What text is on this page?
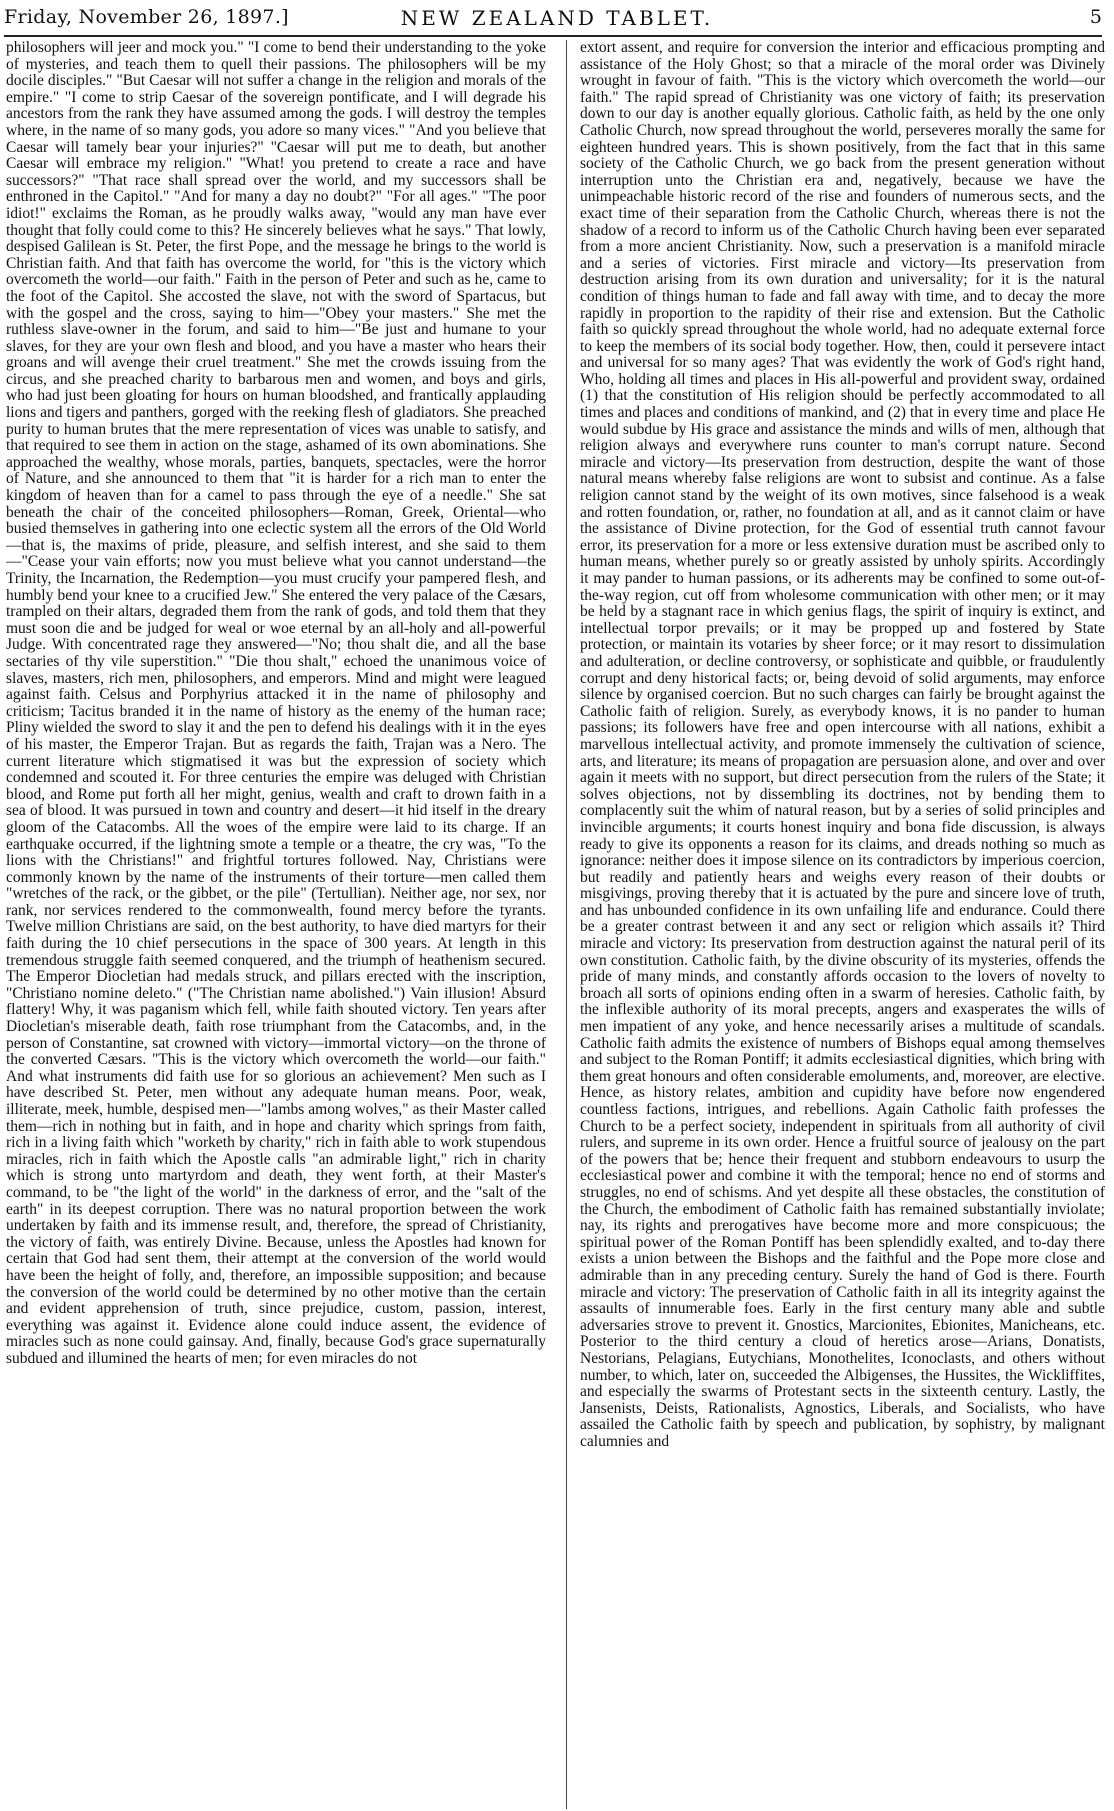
Friday, November 26, 1897.]	NEW ZEALAND TABLET.	5

philosophers will jeer and mock you." "I come to bend their understanding to the yoke of mysteries, and teach them to quell their passions. The philosophers will be my docile disciples." "But Caesar will not suffer a change in the religion and morals of the empire." "I come to strip Caesar of the sovereign pontificate, and I will degrade his ancestors from the rank they have assumed among the gods. I will destroy the temples where, in the name of so many gods, you adore so many vices." "And you believe that Caesar will tamely bear your injuries?" "Caesar will put me to death, but another Caesar will embrace my religion." "What! you pretend to create a race and have successors?" "That race shall spread over the world, and my successors shall be enthroned in the Capitol." "And for many a day no doubt?" "For all ages." "The poor idiot!" exclaims the Roman, as he proudly walks away, "would any man have ever thought that folly could come to this? He sincerely believes what he says." That lowly, despised Galilean is St. Peter, the first Pope, and the message he brings to the world is Christian faith. And that faith has overcome the world, for "this is the victory which overcometh the world—our faith." Faith in the person of Peter and such as he, came to the foot of the Capitol. She accosted the slave, not with the sword of Spartacus, but with the gospel and the cross, saying to him—"Obey your masters." She met the ruthless slave-owner in the forum, and said to him—"Be just and humane to your slaves, for they are your own flesh and blood, and you have a master who hears their groans and will avenge their cruel treatment." She met the crowds issuing from the circus, and she preached charity to barbarous men and women, and boys and girls, who had just been gloating for hours on human bloodshed, and frantically applauding lions and tigers and panthers, gorged with the reeking flesh of gladiators. She preached purity to human brutes that the mere representation of vices was unable to satisfy, and that required to see them in action on the stage, ashamed of its own abominations. She approached the wealthy, whose morals, parties, banquets, spectacles, were the horror of Nature, and she announced to them that "it is harder for a rich man to enter the kingdom of heaven than for a camel to pass through the eye of a needle." She sat beneath the chair of the conceited philosophers—Roman, Greek, Oriental—who busied themselves in gathering into one eclectic system all the errors of the Old World—that is, the maxims of pride, pleasure, and selfish interest, and she said to them—"Cease your vain efforts; now you must believe what you cannot understand—the Trinity, the Incarnation, the Redemption—you must crucify your pampered flesh, and humbly bend your knee to a crucified Jew." She entered the very palace of the Cæsars, trampled on their altars, degraded them from the rank of gods, and told them that they must soon die and be judged for weal or woe eternal by an all-holy and all-powerful Judge. With concentrated rage they answered—"No; thou shalt die, and all the base sectaries of thy vile superstition." "Die thou shalt," echoed the unanimous voice of slaves, masters, rich men, philosophers, and emperors. Mind and might were leagued against faith. Celsus and Porphyrius attacked it in the name of philosophy and criticism; Tacitus branded it in the name of history as the enemy of the human race; Pliny wielded the sword to slay it and the pen to defend his dealings with it in the eyes of his master, the Emperor Trajan. But as regards the faith, Trajan was a Nero. The current literature which stigmatised it was but the expression of society which condemned and scouted it. For three centuries the empire was deluged with Christian blood, and Rome put forth all her might, genius, wealth and craft to drown faith in a sea of blood. It was pursued in town and country and desert—it hid itself in the dreary gloom of the Catacombs. All the woes of the empire were laid to its charge. If an earthquake occurred, if the lightning smote a temple or a theatre, the cry was, "To the lions with the Christians!" and frightful tortures followed. Nay, Christians were commonly known by the name of the instruments of their torture—men called them "wretches of the rack, or the gibbet, or the pile" (Tertullian). Neither age, nor sex, nor rank, nor services rendered to the commonwealth, found mercy before the tyrants. Twelve million Christians are said, on the best authority, to have died martyrs for their faith during the 10 chief persecutions in the space of 300 years. At length in this tremendous struggle faith seemed conquered, and the triumph of heathenism secured. The Emperor Diocletian had medals struck, and pillars erected with the inscription, "Christiano nomine deleto." ("The Christian name abolished.") Vain illusion! Absurd flattery! Why, it was paganism which fell, while faith shouted victory. Ten years after Diocletian's miserable death, faith rose triumphant from the Catacombs, and, in the person of Constantine, sat crowned with victory—immortal victory—on the throne of the converted Cæsars. "This is the victory which overcometh the world—our faith." And what instruments did faith use for so glorious an achievement? Men such as I have described St. Peter, men without any adequate human means. Poor, weak, illiterate, meek, humble, despised men—"lambs among wolves," as their Master called them—rich in nothing but in faith, and in hope and charity which springs from faith, rich in a living faith which "worketh by charity," rich in faith able to work stupendous miracles, rich in faith which the Apostle calls "an admirable light," rich in charity which is strong unto martyrdom and death, they went forth, at their Master's command, to be "the light of the world" in the darkness of error, and the "salt of the earth" in its deepest corruption. There was no natural proportion between the work undertaken by faith and its immense result, and, therefore, the spread of Christianity, the victory of faith, was entirely Divine. Because, unless the Apostles had known for certain that God had sent them, their attempt at the conversion of the world would have been the height of folly, and, therefore, an impossible supposition; and because the conversion of the world could be determined by no other motive than the certain and evident apprehension of truth, since prejudice, custom, passion, interest, everything was against it. Evidence alone could induce assent, the evidence of miracles such as none could gainsay. And, finally, because God's grace supernaturally subdued and illumined the hearts of men; for even miracles do not

extort assent, and require for conversion the interior and efficacious prompting and assistance of the Holy Ghost; so that a miracle of the moral order was Divinely wrought in favour of faith. "This is the victory which overcometh the world—our faith." The rapid spread of Christianity was one victory of faith; its preservation down to our day is another equally glorious. Catholic faith, as held by the one only Catholic Church, now spread throughout the world, perseveres morally the same for eighteen hundred years. This is shown positively, from the fact that in this same society of the Catholic Church, we go back from the present generation without interruption unto the Christian era and, negatively, because we have the unimpeachable historic record of the rise and founders of numerous sects, and the exact time of their separation from the Catholic Church, whereas there is not the shadow of a record to inform us of the Catholic Church having been ever separated from a more ancient Christianity. Now, such a preservation is a manifold miracle and a series of victories. First miracle and victory—Its preservation from destruction arising from its own duration and universality; for it is the natural condition of things human to fade and fall away with time, and to decay the more rapidly in proportion to the rapidity of their rise and extension. But the Catholic faith so quickly spread throughout the whole world, had no adequate external force to keep the members of its social body together. How, then, could it persevere intact and universal for so many ages? That was evidently the work of God's right hand, Who, holding all times and places in His all-powerful and provident sway, ordained (1) that the constitution of His religion should be perfectly accommodated to all times and places and conditions of mankind, and (2) that in every time and place He would subdue by His grace and assistance the minds and wills of men, although that religion always and everywhere runs counter to man's corrupt nature. Second miracle and victory—Its preservation from destruction, despite the want of those natural means whereby false religions are wont to subsist and continue. As a false religion cannot stand by the weight of its own motives, since falsehood is a weak and rotten foundation, or, rather, no foundation at all, and as it cannot claim or have the assistance of Divine protection, for the God of essential truth cannot favour error, its preservation for a more or less extensive duration must be ascribed only to human means, whether purely so or greatly assisted by unholy spirits. Accordingly it may pander to human passions, or its adherents may be confined to some out-of-the-way region, cut off from wholesome communication with other men; or it may be held by a stagnant race in which genius flags, the spirit of inquiry is extinct, and intellectual torpor prevails; or it may be propped up and fostered by State protection, or maintain its votaries by sheer force; or it may resort to dissimulation and adulteration, or decline controversy, or sophisticate and quibble, or fraudulently corrupt and deny historical facts; or, being devoid of solid arguments, may enforce silence by organised coercion. But no such charges can fairly be brought against the Catholic faith of religion. Surely, as everybody knows, it is no pander to human passions; its followers have free and open intercourse with all nations, exhibit a marvellous intellectual activity, and promote immensely the cultivation of science, arts, and literature; its means of propagation are persuasion alone, and over and over again it meets with no support, but direct persecution from the rulers of the State; it solves objections, not by dissembling its doctrines, not by bending them to complacently suit the whim of natural reason, but by a series of solid principles and invincible arguments; it courts honest inquiry and bona fide discussion, is always ready to give its opponents a reason for its claims, and dreads nothing so much as ignorance: neither does it impose silence on its contradictors by imperious coercion, but readily and patiently hears and weighs every reason of their doubts or misgivings, proving thereby that it is actuated by the pure and sincere love of truth, and has unbounded confidence in its own unfailing life and endurance. Could there be a greater contrast between it and any sect or religion which assails it? Third miracle and victory: Its preservation from destruction against the natural peril of its own constitution. Catholic faith, by the divine obscurity of its mysteries, offends the pride of many minds, and constantly affords occasion to the lovers of novelty to broach all sorts of opinions ending often in a swarm of heresies. Catholic faith, by the inflexible authority of its moral precepts, angers and exasperates the wills of men impatient of any yoke, and hence necessarily arises a multitude of scandals. Catholic faith admits the existence of numbers of Bishops equal among themselves and subject to the Roman Pontiff; it admits ecclesiastical dignities, which bring with them great honours and often considerable emoluments, and, moreover, are elective. Hence, as history relates, ambition and cupidity have before now engendered countless factions, intrigues, and rebellions. Again Catholic faith professes the Church to be a perfect society, independent in spirituals from all authority of civil rulers, and supreme in its own order. Hence a fruitful source of jealousy on the part of the powers that be; hence their frequent and stubborn endeavours to usurp the ecclesiastical power and combine it with the temporal; hence no end of storms and struggles, no end of schisms. And yet despite all these obstacles, the constitution of the Church, the embodiment of Catholic faith has remained substantially inviolate; nay, its rights and prerogatives have become more and more conspicuous; the spiritual power of the Roman Pontiff has been splendidly exalted, and to-day there exists a union between the Bishops and the faithful and the Pope more close and admirable than in any preceding century. Surely the hand of God is there. Fourth miracle and victory: The preservation of Catholic faith in all its integrity against the assaults of innumerable foes. Early in the first century many able and subtle adversaries strove to prevent it. Gnostics, Marcionites, Ebionites, Manicheans, etc. Posterior to the third century a cloud of heretics arose—Arians, Donatists, Nestorians, Pelagians, Eutychians, Monothelites, Iconoclasts, and others without number, to which, later on, succeeded the Albigenses, the Hussites, the Wickliffites, and especially the swarms of Protestant sects in the sixteenth century. Lastly, the Jansenists, Deists, Rationalists, Agnostics, Liberals, and Socialists, who have assailed the Catholic faith by speech and publication, by sophistry, by malignant calumnies and
